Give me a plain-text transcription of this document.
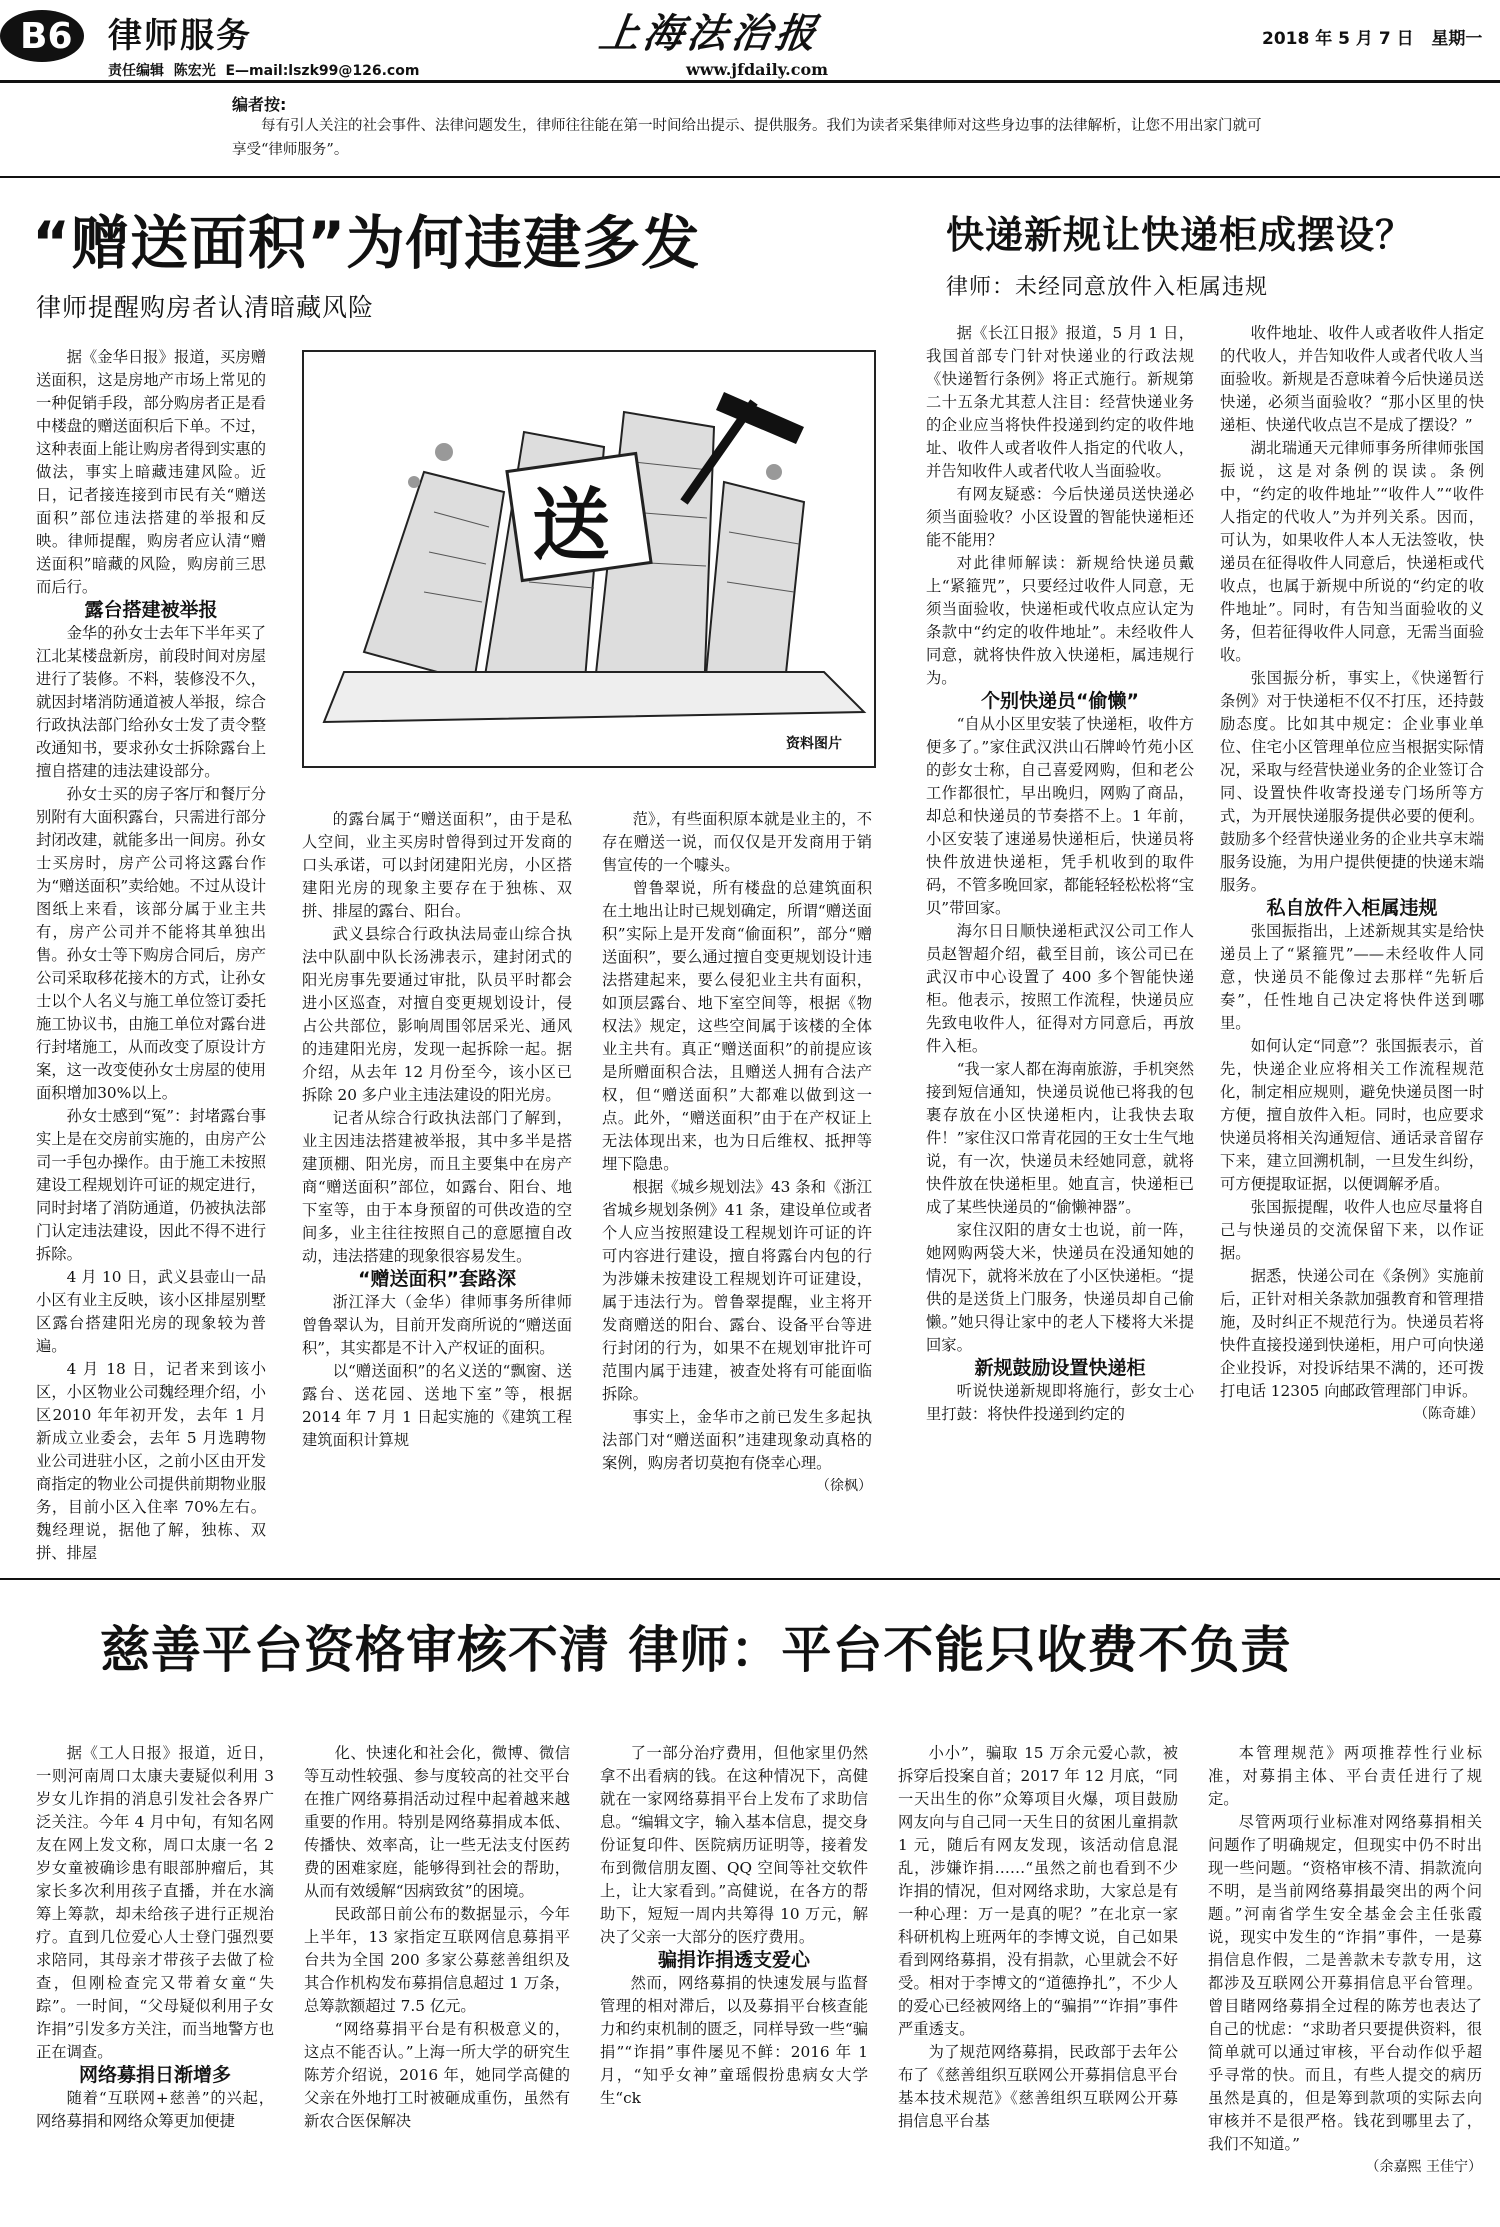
B6 律师服务
责任编辑  陈宏光  E—mail:lszk99@126.com
上海法治报
www.jfdaily.com
2018 年 5 月 7 日   星期一
编者按:
每有引人关注的社会事件、法律问题发生，律师往往能在第一时间给出提示、提供服务。我们为读者采集律师对这些身边事的法律解析，让您不用出家门就可享受“律师服务”。
“赠送面积”为何违建多发
律师提醒购房者认清暗藏风险

据《金华日报》报道，买房赠送面积，这是房地产市场上常见的一种促销手段，部分购房者正是看中楼盘的赠送面积后下单。不过，这种表面上能让购房者得到实惠的做法，事实上暗藏违建风险。近日，记者接连接到市民有关“赠送面积”部位违法搭建的举报和反映。律师提醒，购房者应认清“赠送面积”暗藏的风险，购房前三思而后行。

露台搭建被举报

金华的孙女士去年下半年买了江北某楼盘新房，前段时间对房屋进行了装修。不料，装修没不久，就因封堵消防通道被人举报，综合行政执法部门给孙女士发了责令整改通知书，要求孙女士拆除露台上擅自搭建的违法建设部分。

孙女士买的房子客厅和餐厅分别附有大面积露台，只需进行部分封闭改建，就能多出一间房。孙女士买房时，房产公司将这露台作为“赠送面积”卖给她。不过从设计图纸上来看，该部分属于业主共有，房产公司并不能将其单独出售。孙女士等下购房合同后，房产公司采取移花接木的方式，让孙女士以个人名义与施工单位签订委托施工协议书，由施工单位对露台进行封堵施工，从而改变了原设计方案，这一改变使孙女士房屋的使用面积增加30%以上。

孙女士感到“冤”：封堵露台事实上是在交房前实施的，由房产公司一手包办操作。由于施工未按照建设工程规划许可证的规定进行，同时封堵了消防通道，仍被执法部门认定违法建设，因此不得不进行拆除。

4 月 10 日，武义县壶山一品小区有业主反映，该小区排屋别墅区露台搭建阳光房的现象较为普遍。

4 月 18 日，记者来到该小区，小区物业公司魏经理介绍，小区2010 年年初开发，去年 1 月新成立业委会，去年 5 月选聘物业公司进驻小区，之前小区由开发商指定的物业公司提供前期物业服务，目前小区入住率 70%左右。魏经理说，据他了解，独栋、双拼、排屋

送
资料图片

的露台属于“赠送面积”，由于是私人空间，业主买房时曾得到过开发商的口头承诺，可以封闭建阳光房，小区搭建阳光房的现象主要存在于独栋、双拼、排屋的露台、阳台。

武义县综合行政执法局壶山综合执法中队副中队长汤沸表示，建封闭式的阳光房事先要通过审批，队员平时都会进小区巡查，对擅自变更规划设计，侵占公共部位，影响周围邻居采光、通风的违建阳光房，发现一起拆除一起。据介绍，从去年 12 月份至今，该小区已拆除 20 多户业主违法建设的阳光房。

记者从综合行政执法部门了解到，业主因违法搭建被举报，其中多半是搭建顶棚、阳光房，而且主要集中在房产商“赠送面积”部位，如露台、阳台、地下室等，由于本身预留的可供改造的空间多，业主往往按照自己的意愿擅自改动，违法搭建的现象很容易发生。

“赠送面积”套路深

浙江泽大（金华）律师事务所律师曾鲁翠认为，目前开发商所说的“赠送面积”，其实都是不计入产权证的面积。

以“赠送面积”的名义送的“飘窗、送露台、送花园、送地下室”等，根据 2014 年 7 月 1 日起实施的《建筑工程建筑面积计算规

范》，有些面积原本就是业主的，不存在赠送一说，而仅仅是开发商用于销售宣传的一个噱头。

曾鲁翠说，所有楼盘的总建筑面积在土地出让时已规划确定，所谓“赠送面积”实际上是开发商“偷面积”，部分“赠送面积”，要么通过擅自变更规划设计违法搭建起来，要么侵犯业主共有面积，如顶层露台、地下室空间等，根据《物权法》规定，这些空间属于该楼的全体业主共有。真正“赠送面积”的前提应该是所赠面积合法，且赠送人拥有合法产权，但“赠送面积”大都难以做到这一点。此外，“赠送面积”由于在产权证上无法体现出来，也为日后维权、抵押等埋下隐患。

根据《城乡规划法》43 条和《浙江省城乡规划条例》41 条，建设单位或者个人应当按照建设工程规划许可证的许可内容进行建设，擅自将露台内包的行为涉嫌未按建设工程规划许可证建设，属于违法行为。曾鲁翠提醒，业主将开发商赠送的阳台、露台、设备平台等进行封闭的行为，如果不在规划审批许可范围内属于违建，被查处将有可能面临拆除。

事实上，金华市之前已发生多起执法部门对“赠送面积”违建现象动真格的案例，购房者切莫抱有侥幸心理。

（徐枫）

快递新规让快递柜成摆设？
律师：未经同意放件入柜属违规

据《长江日报》报道，5 月 1 日，我国首部专门针对快递业的行政法规《快递暂行条例》将正式施行。新规第二十五条尤其惹人注目：经营快递业务的企业应当将快件投递到约定的收件地址、收件人或者收件人指定的代收人，并告知收件人或者代收人当面验收。

有网友疑惑：今后快递员送快递必须当面验收？小区设置的智能快递柜还能不能用？

对此律师解读：新规给快递员戴上“紧箍咒”，只要经过收件人同意，无须当面验收，快递柜或代收点应认定为条款中“约定的收件地址”。未经收件人同意，就将快件放入快递柜，属违规行为。

个别快递员“偷懒”

“自从小区里安装了快递柜，收件方便多了。”家住武汉洪山石牌岭竹苑小区的彭女士称，自己喜爱网购，但和老公工作都很忙，早出晚归，网购了商品，却总和快递员的节奏搭不上。1 年前，小区安装了速递易快递柜后，快递员将快件放进快递柜，凭手机收到的取件码，不管多晚回家，都能轻轻松松将“宝贝”带回家。

海尔日日顺快递柜武汉公司工作人员赵智超介绍，截至目前，该公司已在武汉市中心设置了 400 多个智能快递柜。他表示，按照工作流程，快递员应先致电收件人，征得对方同意后，再放件入柜。

“我一家人都在海南旅游，手机突然接到短信通知，快递员说他已将我的包裹存放在小区快递柜内，让我快去取件！”家住汉口常青花园的王女士生气地说，有一次，快递员未经她同意，就将快件放在快递柜里。她直言，快递柜已成了某些快递员的“偷懒神器”。

家住汉阳的唐女士也说，前一阵，她网购两袋大米，快递员在没通知她的情况下，就将米放在了小区快递柜。“提供的是送货上门服务，快递员却自己偷懒。”她只得让家中的老人下楼将大米提回家。

新规鼓励设置快递柜

听说快递新规即将施行，彭女士心里打鼓：将快件投递到约定的

收件地址、收件人或者收件人指定的代收人，并告知收件人或者代收人当面验收。新规是否意味着今后快递员送快递，必须当面验收？“那小区里的快递柜、快递代收点岂不是成了摆设？”

湖北瑞通天元律师事务所律师张国振说，这是对条例的误读。条例中，“约定的收件地址”“收件人”“收件人指定的代收人”为并列关系。因而，可认为，如果收件人本人无法签收，快递员在征得收件人同意后，快递柜或代收点，也属于新规中所说的“约定的收件地址”。同时，有告知当面验收的义务，但若征得收件人同意，无需当面验收。

张国振分析，事实上，《快递暂行条例》对于快递柜不仅不打压，还持鼓励态度。比如其中规定：企业事业单位、住宅小区管理单位应当根据实际情况，采取与经营快递业务的企业签订合同、设置快件收寄投递专门场所等方式，为开展快递服务提供必要的便利。鼓励多个经营快递业务的企业共享末端服务设施，为用户提供便捷的快递末端服务。

私自放件入柜属违规

张国振指出，上述新规其实是给快递员上了“紧箍咒”——未经收件人同意，快递员不能像过去那样“先斩后奏”，任性地自己决定将快件送到哪里。

如何认定“同意”？张国振表示，首先，快递企业应将相关工作流程规范化，制定相应规则，避免快递员图一时方便，擅自放件入柜。同时，也应要求快递员将相关沟通短信、通话录音留存下来，建立回溯机制，一旦发生纠纷，可方便提取证据，以便调解矛盾。

张国振提醒，收件人也应尽量将自己与快递员的交流保留下来，以作证据。

据悉，快递公司在《条例》实施前后，正针对相关条款加强教育和管理措施，及时纠正不规范行为。快递员若将快件直接投递到快递柜，用户可向快递企业投诉，对投诉结果不满的，还可拨打电话 12305 向邮政管理部门申诉。

（陈奇雄）

慈善平台资格审核不清 律师：平台不能只收费不负责

据《工人日报》报道，近日，一则河南周口太康夫妻疑似利用 3 岁女儿诈捐的消息引发社会各界广泛关注。今年 4 月中旬，有知名网友在网上发文称，周口太康一名 2 岁女童被确诊患有眼部肿瘤后，其家长多次利用孩子直播，并在水滴筹上筹款，却未给孩子进行正规治疗。直到几位爱心人士登门强烈要求陪同，其母亲才带孩子去做了检查，但刚检查完又带着女童“失踪”。一时间，“父母疑似利用子女诈捐”引发多方关注，而当地警方也正在调查。

网络募捐日渐增多

随着“互联网+慈善”的兴起，网络募捐和网络众筹更加便捷

化、快速化和社会化，微博、微信等互动性较强、参与度较高的社交平台在推广网络募捐活动过程中起着越来越重要的作用。特别是网络募捐成本低、传播快、效率高，让一些无法支付医药费的困难家庭，能够得到社会的帮助，从而有效缓解“因病致贫”的困境。

民政部日前公布的数据显示，今年上半年，13 家指定互联网信息募捐平台共为全国 200 多家公募慈善组织及其合作机构发布募捐信息超过 1 万条，总筹款额超过 7.5 亿元。

“网络募捐平台是有积极意义的，这点不能否认。”上海一所大学的研究生陈芳介绍说，2016 年，她同学高健的父亲在外地打工时被砸成重伤，虽然有新农合医保解决

了一部分治疗费用，但他家里仍然拿不出看病的钱。在这种情况下，高健就在一家网络募捐平台上发布了求助信息。“编辑文字，输入基本信息，提交身份证复印件、医院病历证明等，接着发布到微信朋友圈、QQ 空间等社交软件上，让大家看到。”高健说，在各方的帮助下，短短一周内共筹得 10 万元，解决了父亲一大部分的医疗费用。

骗捐诈捐透支爱心

然而，网络募捐的快速发展与监督管理的相对滞后，以及募捐平台核查能力和约束机制的匮乏，同样导致一些“骗捐”“诈捐”事件屡见不鲜：2016 年 1 月，“知乎女神”童瑶假扮患病女大学生“ck

小小”，骗取 15 万余元爱心款，被拆穿后投案自首；2017 年 12 月底，“同一天出生的你”众筹项目火爆，项目鼓励网友向与自己同一天生日的贫困儿童捐款 1 元，随后有网友发现，该活动信息混乱，涉嫌诈捐……“虽然之前也看到不少诈捐的情况，但对网络求助，大家总是有一种心理：万一是真的呢？”在北京一家科研机构上班两年的李博文说，自己如果看到网络募捐，没有捐款，心里就会不好受。相对于李博文的“道德挣扎”，不少人的爱心已经被网络上的“骗捐”“诈捐”事件严重透支。

为了规范网络募捐，民政部于去年公布了《慈善组织互联网公开募捐信息平台基本技术规范》《慈善组织互联网公开募捐信息平台基

本管理规范》两项推荐性行业标准，对募捐主体、平台责任进行了规定。

尽管两项行业标准对网络募捐相关问题作了明确规定，但现实中仍不时出现一些问题。“资格审核不清、捐款流向不明，是当前网络募捐最突出的两个问题。”河南省学生安全基金会主任张霞说，现实中发生的“诈捐”事件，一是募捐信息作假，二是善款未专款专用，这都涉及互联网公开募捐信息平台管理。曾目睹网络募捐全过程的陈芳也表达了自己的忧虑：“求助者只要提供资料，很简单就可以通过审核，平台动作似乎超乎寻常的快。而且，有些人提交的病历虽然是真的，但是筹到款项的实际去向审核并不是很严格。钱花到哪里去了，我们不知道。”

（余嘉熙 王佳宁）
